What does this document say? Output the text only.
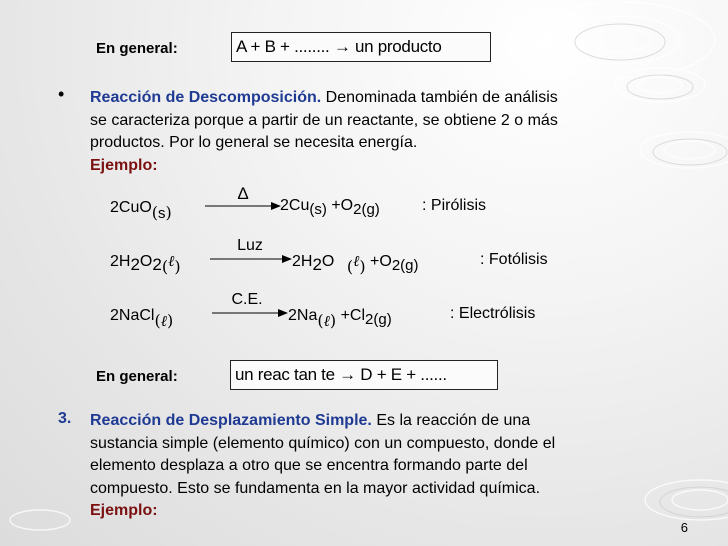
En general:	A + B + ........ → un producto
• Reacción de Descomposición. Denominada también de análisis
se caracteriza porque a partir de un reactante, se obtiene 2 o más
productos. Por lo general se necesita energía.
Ejemplo:
2CuO(s)
Δ
2Cu(s) +O2(g)	: Pirólisis
2H2O2(ℓ)
Luz
2H2O (ℓ) +O2(g)	: Fotólisis
2NaCl(ℓ)
C.E.
2Na(ℓ) +Cl2(g)	: Electrólisis
En general:	un reac tan te → D + E + ......
3. Reacción de Desplazamiento Simple. Es la reacción de una
sustancia simple (elemento químico) con un compuesto, donde el
elemento desplaza a otro que se encentra formando parte del
compuesto. Esto se fundamenta en la mayor actividad química.
Ejemplo:
6
